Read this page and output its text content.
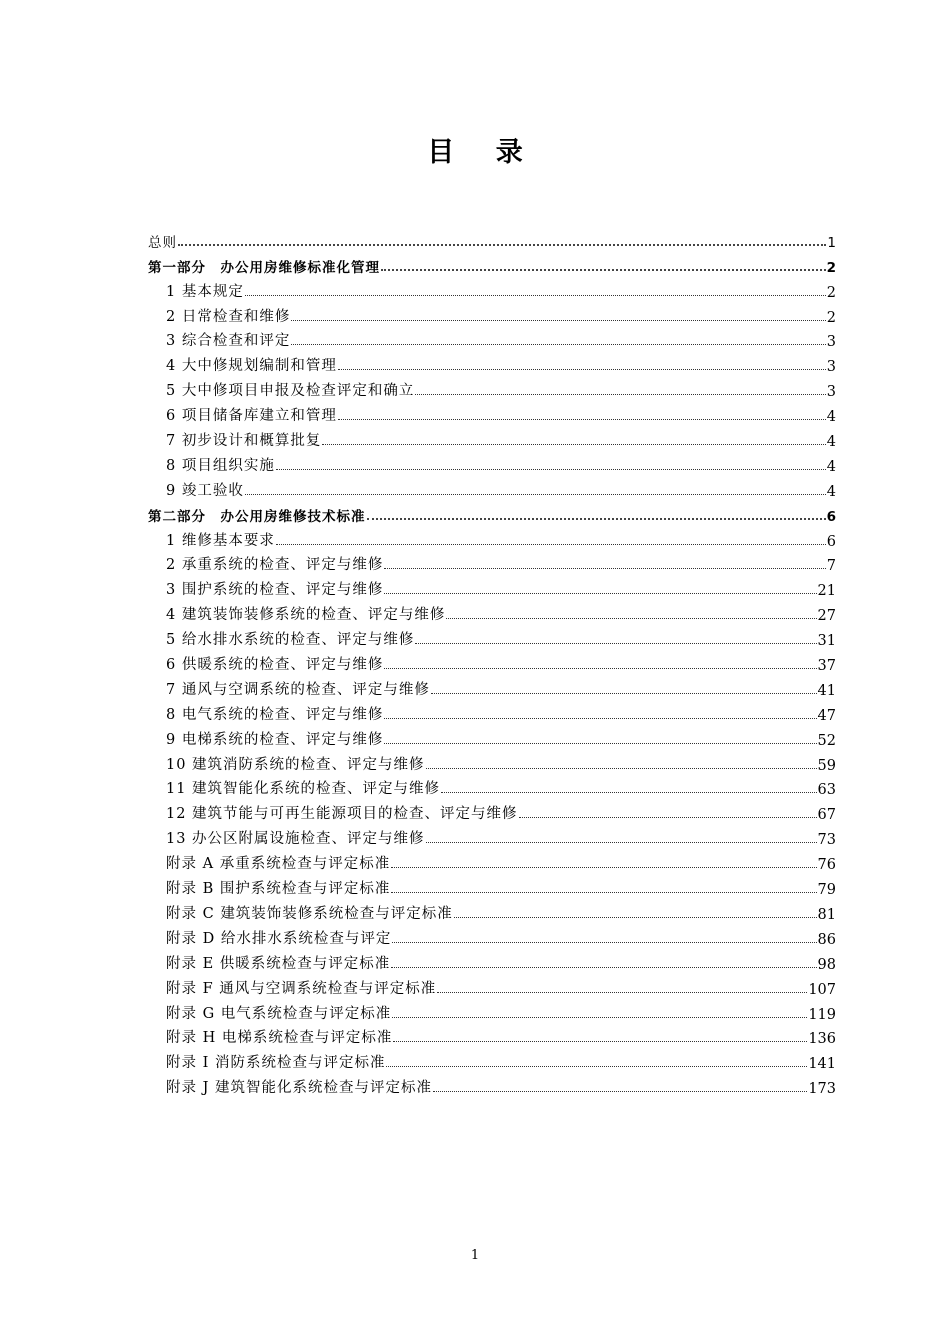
目 录
总则	1
第一部分　办公用房维修标准化管理	2
1 基本规定	2
2 日常检查和维修	2
3 综合检查和评定	3
4 大中修规划编制和管理	3
5 大中修项目申报及检查评定和确立	3
6 项目储备库建立和管理	4
7 初步设计和概算批复	4
8 项目组织实施	4
9 竣工验收	4
第二部分　办公用房维修技术标准	6
1 维修基本要求	6
2 承重系统的检查、评定与维修	7
3 围护系统的检查、评定与维修	21
4 建筑装饰装修系统的检查、评定与维修	27
5 给水排水系统的检查、评定与维修	31
6 供暖系统的检查、评定与维修	37
7 通风与空调系统的检查、评定与维修	41
8 电气系统的检查、评定与维修	47
9 电梯系统的检查、评定与维修	52
10 建筑消防系统的检查、评定与维修	59
11 建筑智能化系统的检查、评定与维修	63
12 建筑节能与可再生能源项目的检查、评定与维修	67
13 办公区附属设施检查、评定与维修	73
附录 A 承重系统检查与评定标准	76
附录 B 围护系统检查与评定标准	79
附录 C 建筑装饰装修系统检查与评定标准	81
附录 D 给水排水系统检查与评定	86
附录 E 供暖系统检查与评定标准	98
附录 F 通风与空调系统检查与评定标准	107
附录 G 电气系统检查与评定标准	119
附录 H 电梯系统检查与评定标准	136
附录 I 消防系统检查与评定标准	141
附录 J 建筑智能化系统检查与评定标准	173
1
